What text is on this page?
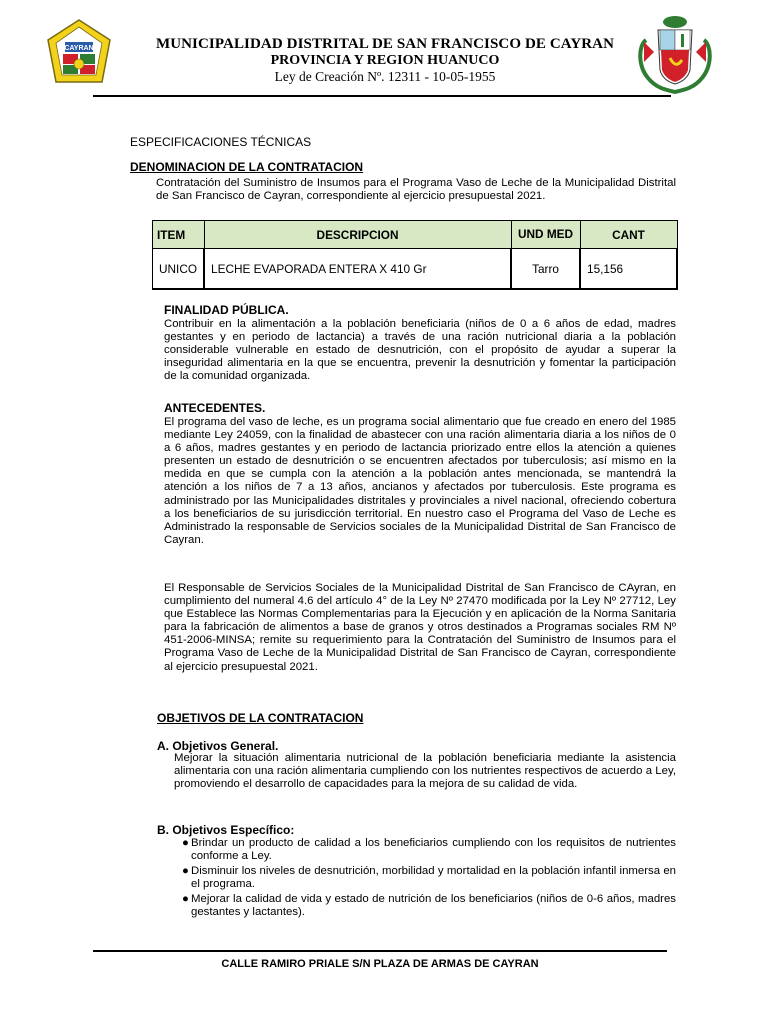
CAYRAN	MUNICIPALIDAD DISTRITAL DE SAN FRANCISCO DE CAYRAN
PROVINCIA Y REGION HUANUCO
Ley de Creación Nº. 12311 - 10-05-1955
ESPECIFICACIONES TÉCNICAS
DENOMINACION DE LA CONTRATACION
Contratación del Suministro de Insumos para el Programa Vaso de Leche de la Municipalidad Distrital de San Francisco de Cayran, correspondiente al ejercicio presupuestal 2021.
ITEM	DESCRIPCION	UND MED	CANT
UNICO	LECHE EVAPORADA ENTERA X 410 Gr	Tarro	15,156
FINALIDAD PÚBLICA.
Contribuir en la alimentación a la población beneficiaria (niños de 0 a 6 años de edad, madres gestantes y en periodo de lactancia) a través de una ración nutricional diaria a la población considerable vulnerable en estado de desnutrición, con el propósito de ayudar a superar la inseguridad alimentaria en la que se encuentra, prevenir la desnutrición y fomentar la participación de la comunidad organizada.
ANTECEDENTES.
El programa del vaso de leche, es un programa social alimentario que fue creado en enero del 1985 mediante Ley 24059, con la finalidad de abastecer con una ración alimentaria diaria a los niños de 0 a 6 años, madres gestantes y en periodo de lactancia priorizado entre ellos la atención a quienes presenten un estado de desnutrición o se encuentren afectados por tuberculosis; así mismo en la medida en que se cumpla con la atención a la población antes mencionada, se mantendrá la atención a los niños de 7 a 13 años, ancianos y afectados por tuberculosis. Este programa es administrado por las Municipalidades distritales y provinciales a nivel nacional, ofreciendo cobertura a los beneficiarios de su jurisdicción territorial. En nuestro caso el Programa del Vaso de Leche es Administrado la responsable de Servicios sociales de la Municipalidad Distrital de San Francisco de Cayran.
El Responsable de Servicios Sociales de la Municipalidad Distrital de San Francisco de CAyran, en cumplimiento del numeral 4.6 del artículo 4° de la Ley Nº 27470 modificada por la Ley Nº 27712, Ley que Establece las Normas Complementarias para la Ejecución y en aplicación de la Norma Sanitaria para la fabricación de alimentos a base de granos y otros destinados a Programas sociales RM Nº 451-2006-MINSA; remite su requerimiento para la Contratación del Suministro de Insumos para el Programa Vaso de Leche de la Municipalidad Distrital de San Francisco de Cayran, correspondiente al ejercicio presupuestal 2021.
OBJETIVOS DE LA CONTRATACION
A. Objetivos General.
Mejorar la situación alimentaria nutricional de la población beneficiaria mediante la asistencia alimentaria con una ración alimentaria cumpliendo con los nutrientes respectivos de acuerdo a Ley, promoviendo el desarrollo de capacidades para la mejora de su calidad de vida.
B. Objetivos Específico:
● Brindar un producto de calidad a los beneficiarios cumpliendo con los requisitos de nutrientes conforme a Ley.
● Disminuir los niveles de desnutrición, morbilidad y mortalidad en la población infantil inmersa en el programa.
● Mejorar la calidad de vida y estado de nutrición de los beneficiarios (niños de 0-6 años, madres gestantes y lactantes).
CALLE RAMIRO PRIALE S/N PLAZA DE ARMAS DE CAYRAN
